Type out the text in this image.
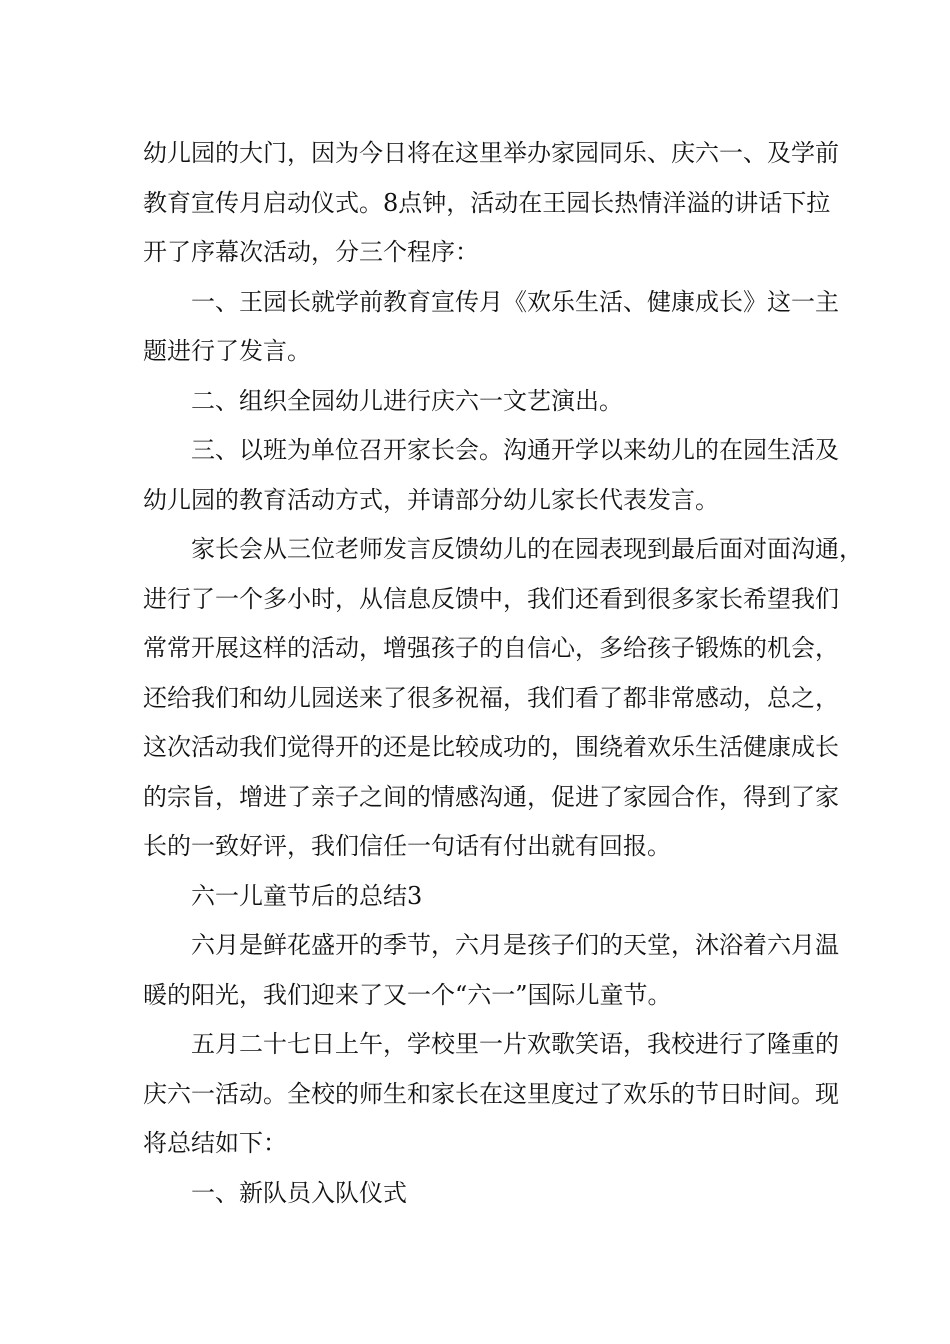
幼儿园的大门，因为今日将在这里举办家园同乐、庆六一、及学前
教育宣传月启动仪式。8点钟，活动在王园长热情洋溢的讲话下拉
开了序幕次活动，分三个程序：
一、王园长就学前教育宣传月《欢乐生活、健康成长》这一主
题进行了发言。
二、组织全园幼儿进行庆六一文艺演出。
三、以班为单位召开家长会。沟通开学以来幼儿的在园生活及
幼儿园的教育活动方式，并请部分幼儿家长代表发言。
家长会从三位老师发言反馈幼儿的在园表现到最后面对面沟通，
进行了一个多小时，从信息反馈中，我们还看到很多家长希望我们
常常开展这样的活动，增强孩子的自信心，多给孩子锻炼的机会，
还给我们和幼儿园送来了很多祝福，我们看了都非常感动，总之，
这次活动我们觉得开的还是比较成功的，围绕着欢乐生活健康成长
的宗旨，增进了亲子之间的情感沟通，促进了家园合作，得到了家
长的一致好评，我们信任一句话有付出就有回报。
六一儿童节后的总结3
六月是鲜花盛开的季节，六月是孩子们的天堂，沐浴着六月温
暖的阳光，我们迎来了又一个“六一”国际儿童节。
五月二十七日上午，学校里一片欢歌笑语，我校进行了隆重的
庆六一活动。全校的师生和家长在这里度过了欢乐的节日时间。现
将总结如下：
一、新队员入队仪式
